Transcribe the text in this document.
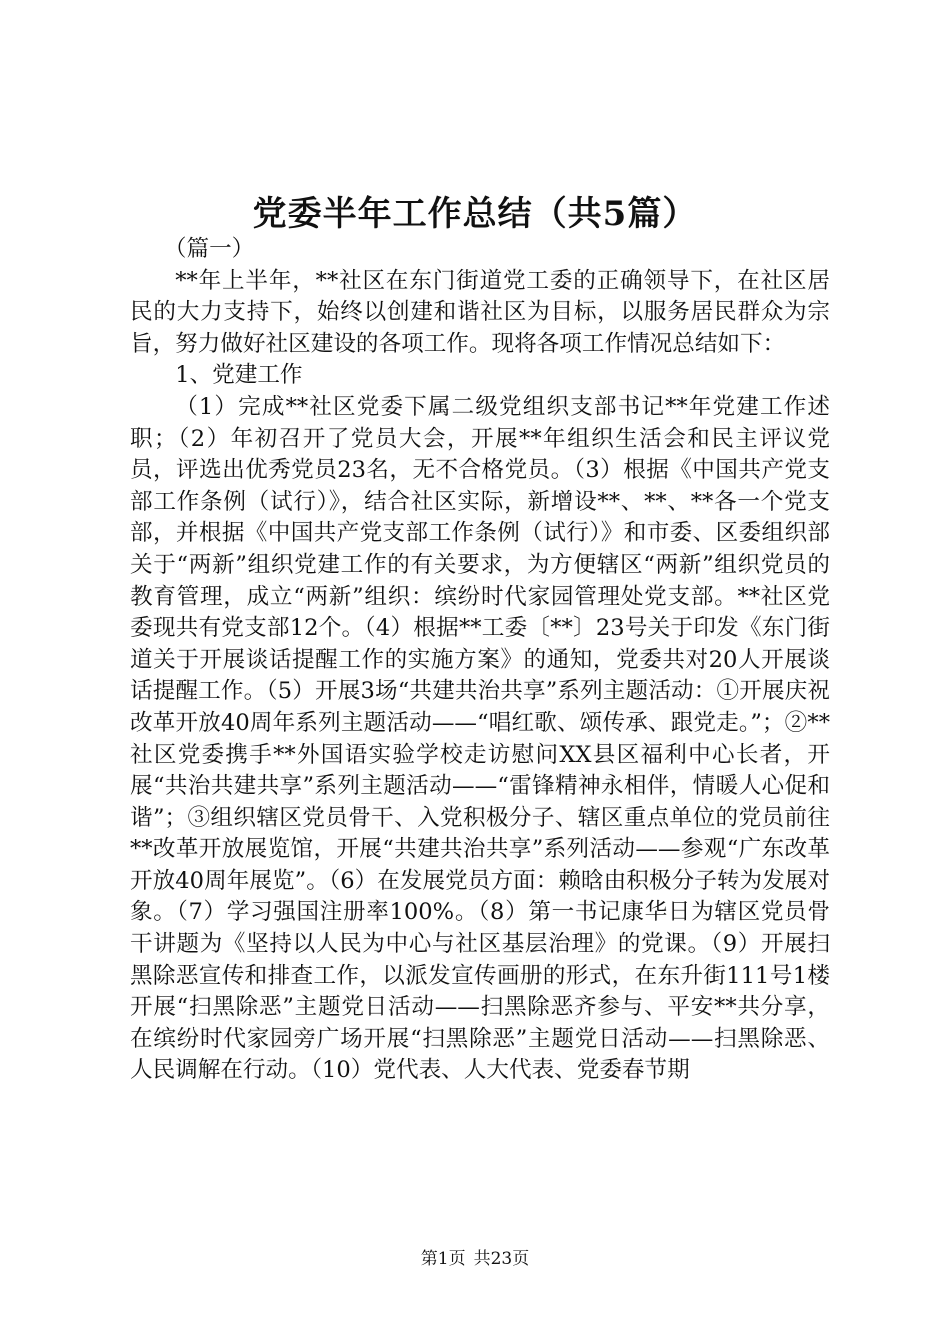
党委半年工作总结（共5篇）

（篇一）

**年上半年，**社区在东门街道党工委的正确领导下，在社区居民的大力支持下，始终以创建和谐社区为目标，以服务居民群众为宗旨，努力做好社区建设的各项工作。现将各项工作情况总结如下：

1、党建工作

（1）完成**社区党委下属二级党组织支部书记**年党建工作述职；（2）年初召开了党员大会，开展**年组织生活会和民主评议党员，评选出优秀党员23名，无不合格党员。（3）根据《中国共产党支部工作条例（试行）》，结合社区实际，新增设**、**、**各一个党支部，并根据《中国共产党支部工作条例（试行）》和市委、区委组织部关于“两新”组织党建工作的有关要求，为方便辖区“两新”组织党员的教育管理，成立“两新”组织：缤纷时代家园管理处党支部。**社区党委现共有党支部12个。（4）根据**工委〔**〕23号关于印发《东门街道关于开展谈话提醒工作的实施方案》的通知，党委共对20人开展谈话提醒工作。（5）开展3场“共建共治共享”系列主题活动：①开展庆祝改革开放40周年系列主题活动——“唱红歌、颂传承、跟党走。”；②**社区党委携手**外国语实验学校走访慰问XX县区福利中心长者，开展“共治共建共享”系列主题活动——“雷锋精神永相伴，情暖人心促和谐”；③组织辖区党员骨干、入党积极分子、辖区重点单位的党员前往**改革开放展览馆，开展“共建共治共享”系列活动——参观“广东改革开放40周年展览”。（6）在发展党员方面：赖晗由积极分子转为发展对象。（7）学习强国注册率100%。（8）第一书记康华日为辖区党员骨干讲题为《坚持以人民为中心与社区基层治理》的党课。（9）开展扫黑除恶宣传和排查工作，以派发宣传画册的形式，在东升街111号1楼开展“扫黑除恶”主题党日活动——扫黑除恶齐参与、平安**共分享，在缤纷时代家园旁广场开展“扫黑除恶”主题党日活动——扫黑除恶、人民调解在行动。（10）党代表、人大代表、党委春节期

第1页 共23页
